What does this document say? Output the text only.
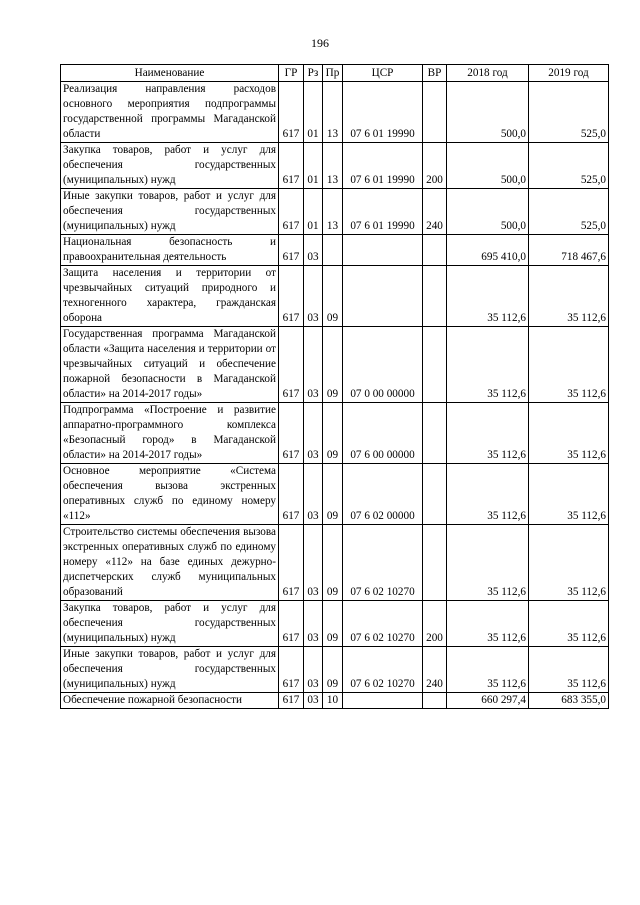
196
Наименование	ГР	Рз	Пр	ЦСР	ВР	2018 год	2019 год
Реализация направления расходов основного мероприятия подпрограммы государственной программы Магаданской области	617	01	13	07 6 01 19990		500,0	525,0
Закупка товаров, работ и услуг для обеспечения государственных (муниципальных) нужд	617	01	13	07 6 01 19990	200	500,0	525,0
Иные закупки товаров, работ и услуг для обеспечения государственных (муниципальных) нужд	617	01	13	07 6 01 19990	240	500,0	525,0
Национальная безопасность и правоохранительная деятельность	617	03				695 410,0	718 467,6
Защита населения и территории от чрезвычайных ситуаций природного и техногенного характера, гражданская оборона	617	03	09			35 112,6	35 112,6
Государственная программа Магаданской области «Защита населения и территории от чрезвычайных ситуаций и обеспечение пожарной безопасности в Магаданской области» на 2014-2017 годы»	617	03	09	07 0 00 00000		35 112,6	35 112,6
Подпрограмма «Построение и развитие аппаратно-программного комплекса «Безопасный город» в Магаданской области» на 2014-2017 годы»	617	03	09	07 6 00 00000		35 112,6	35 112,6
Основное мероприятие «Система обеспечения вызова экстренных оперативных служб по единому номеру «112»	617	03	09	07 6 02 00000		35 112,6	35 112,6
Строительство системы обеспечения вызова экстренных оперативных служб по единому номеру «112» на базе единых дежурно-диспетчерских служб муниципальных образований	617	03	09	07 6 02 10270		35 112,6	35 112,6
Закупка товаров, работ и услуг для обеспечения государственных (муниципальных) нужд	617	03	09	07 6 02 10270	200	35 112,6	35 112,6
Иные закупки товаров, работ и услуг для обеспечения государственных (муниципальных) нужд	617	03	09	07 6 02 10270	240	35 112,6	35 112,6
Обеспечение пожарной безопасности	617	03	10			660 297,4	683 355,0
